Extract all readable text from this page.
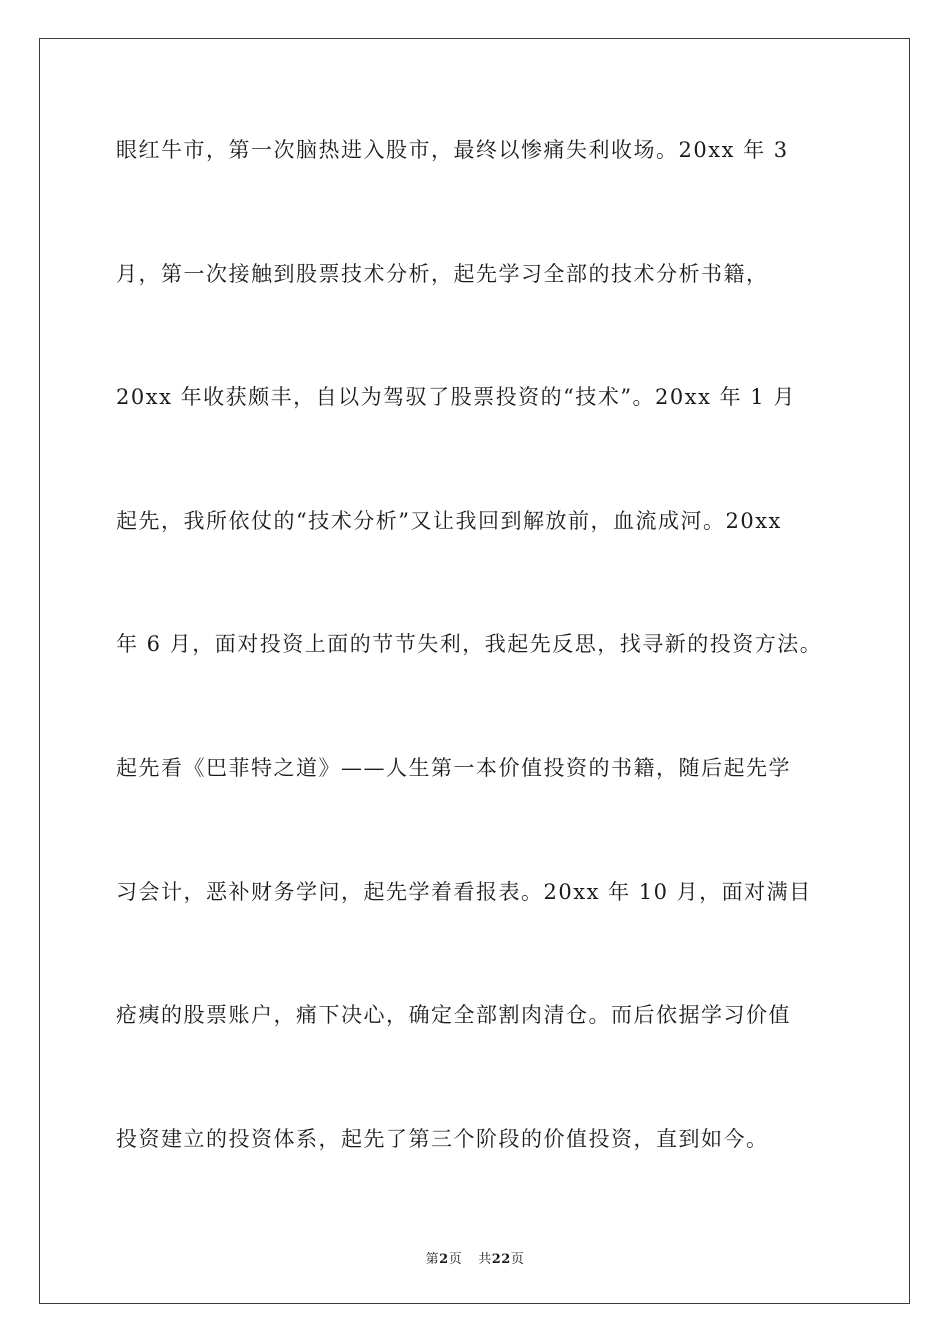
眼红牛市，第一次脑热进入股市，最终以惨痛失利收场。20xx 年 3
月，第一次接触到股票技术分析，起先学习全部的技术分析书籍，
20xx 年收获颇丰，自以为驾驭了股票投资的“技术”。20xx 年 1 月
起先，我所依仗的“技术分析”又让我回到解放前，血流成河。20xx
年 6 月，面对投资上面的节节失利，我起先反思，找寻新的投资方法。
起先看《巴菲特之道》——人生第一本价值投资的书籍，随后起先学
习会计，恶补财务学问，起先学着看报表。20xx 年 10 月，面对满目
疮痍的股票账户，痛下决心，确定全部割肉清仓。而后依据学习价值
投资建立的投资体系，起先了第三个阶段的价值投资，直到如今。
第2页 共22页
